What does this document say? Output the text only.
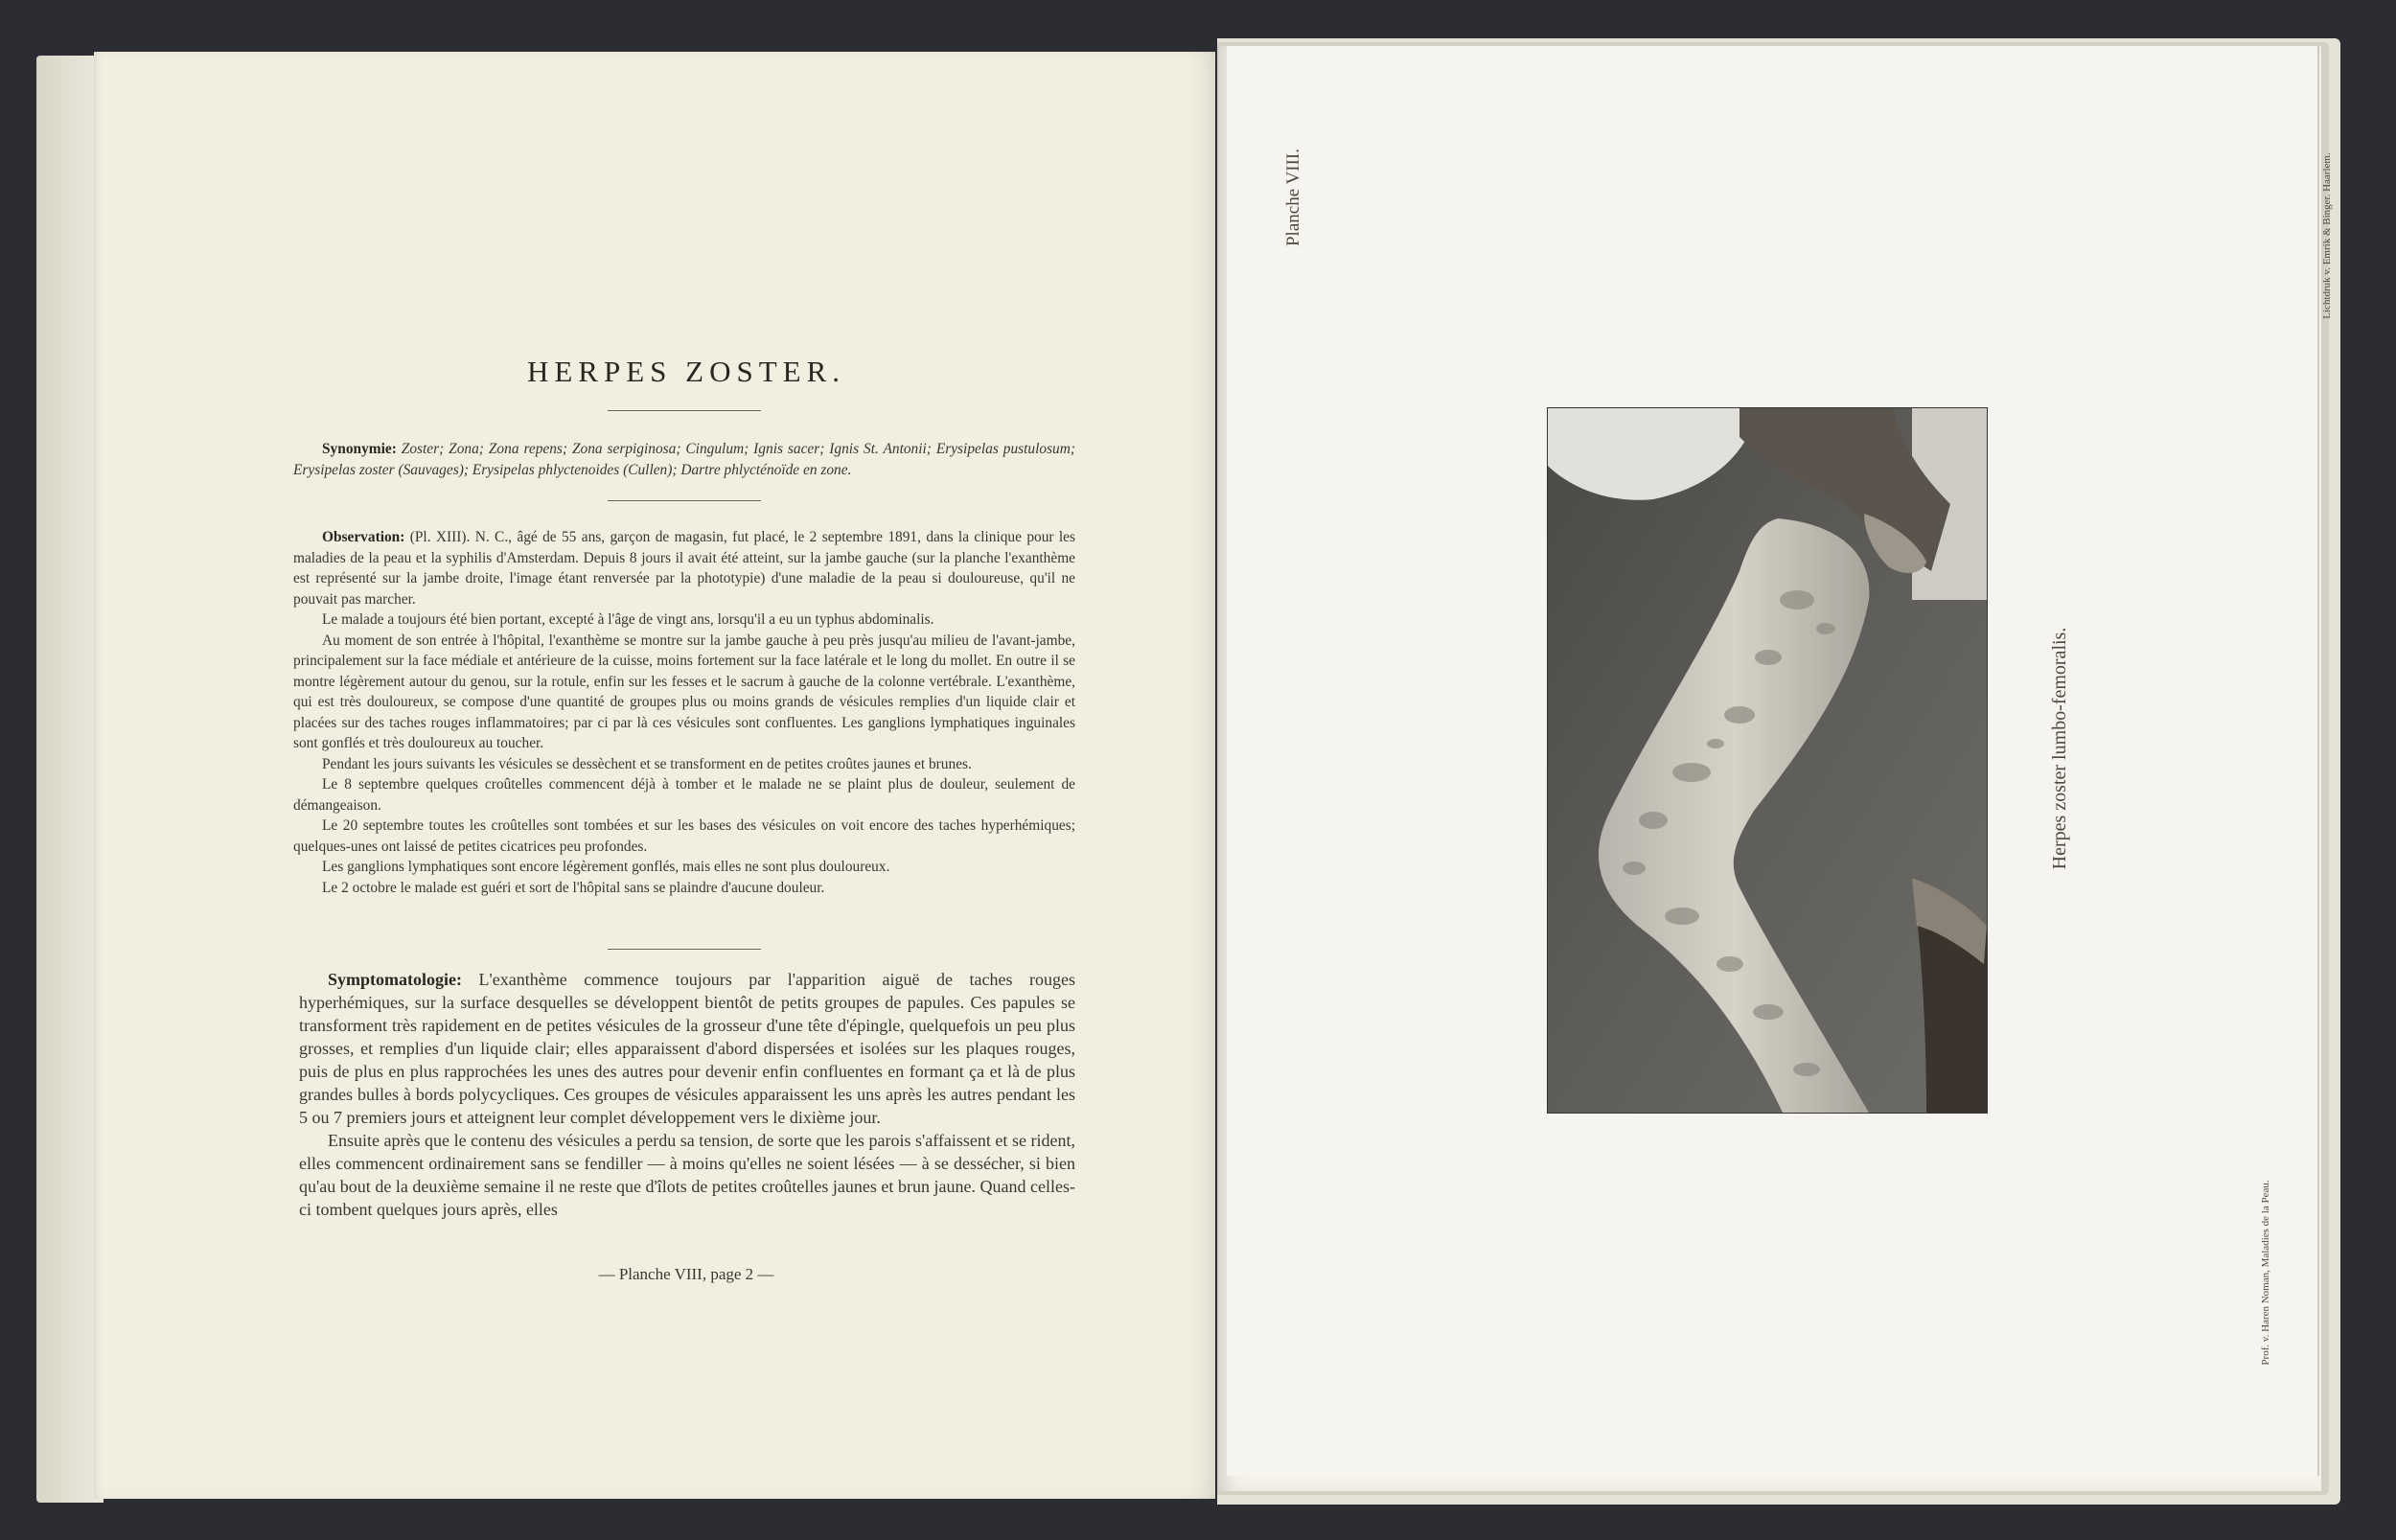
HERPES ZOSTER.

Synonymie: Zoster; Zona; Zona repens; Zona serpiginosa; Cingulum; Ignis sacer; Ignis St. Antonii; Erysipelas pustulosum; Erysipelas zoster (Sauvages); Erysipelas phlyctenoides (Cullen); Dartre phlycténoïde en zone.

Observation: (Pl. XIII). N. C., âgé de 55 ans, garçon de magasin, fut placé, le 2 septembre 1891, dans la clinique pour les maladies de la peau et la syphilis d'Amsterdam. Depuis 8 jours il avait été atteint, sur la jambe gauche (sur la planche l'exanthème est représenté sur la jambe droite, l'image étant renversée par la phototypie) d'une maladie de la peau si douloureuse, qu'il ne pouvait pas marcher.

Le malade a toujours été bien portant, excepté à l'âge de vingt ans, lorsqu'il a eu un typhus abdominalis.

Au moment de son entrée à l'hôpital, l'exanthème se montre sur la jambe gauche à peu près jusqu'au milieu de l'avant-jambe, principalement sur la face médiale et antérieure de la cuisse, moins fortement sur la face latérale et le long du mollet. En outre il se montre légèrement autour du genou, sur la rotule, enfin sur les fesses et le sacrum à gauche de la colonne vertébrale. L'exanthème, qui est très douloureux, se compose d'une quantité de groupes plus ou moins grands de vésicules remplies d'un liquide clair et placées sur des taches rouges inflammatoires; par ci par là ces vésicules sont confluentes. Les ganglions lymphatiques inguinales sont gonflés et très douloureux au toucher.

Pendant les jours suivants les vésicules se dessèchent et se transforment en de petites croûtes jaunes et brunes.

Le 8 septembre quelques croûtelles commencent déjà à tomber et le malade ne se plaint plus de douleur, seulement de démangeaison.

Le 20 septembre toutes les croûtelles sont tombées et sur les bases des vésicules on voit encore des taches hyperhémiques; quelques-unes ont laissé de petites cicatrices peu profondes.

Les ganglions lymphatiques sont encore légèrement gonflés, mais elles ne sont plus douloureux.

Le 2 octobre le malade est guéri et sort de l'hôpital sans se plaindre d'aucune douleur.

Symptomatologie: L'exanthème commence toujours par l'apparition aiguë de taches rouges hyperhémiques, sur la surface desquelles se développent bientôt de petits groupes de papules. Ces papules se transforment très rapidement en de petites vésicules de la grosseur d'une tête d'épingle, quelquefois un peu plus grosses, et remplies d'un liquide clair; elles apparaissent d'abord dispersées et isolées sur les plaques rouges, puis de plus en plus rapprochées les unes des autres pour devenir enfin confluentes en formant ça et là de plus grandes bulles à bords polycycliques. Ces groupes de vésicules apparaissent les uns après les autres pendant les 5 ou 7 premiers jours et atteignent leur complet développement vers le dixième jour.

Ensuite après que le contenu des vésicules a perdu sa tension, de sorte que les parois s'affaissent et se rident, elles commencent ordinairement sans se fendiller — à moins qu'elles ne soient lésées — à se dessécher, si bien qu'au bout de la deuxième semaine il ne reste que d'îlots de petites croûtelles jaunes et brun jaune. Quand celles-ci tombent quelques jours après, elles

— Planche VIII, page 2 —
Planche VIII.	Lichtdruk v. Emrik & Binger. Haarlem.
Herpes zoster lumbo-femoralis.
Prof. v. Haren Noman, Maladies de la Peau.
